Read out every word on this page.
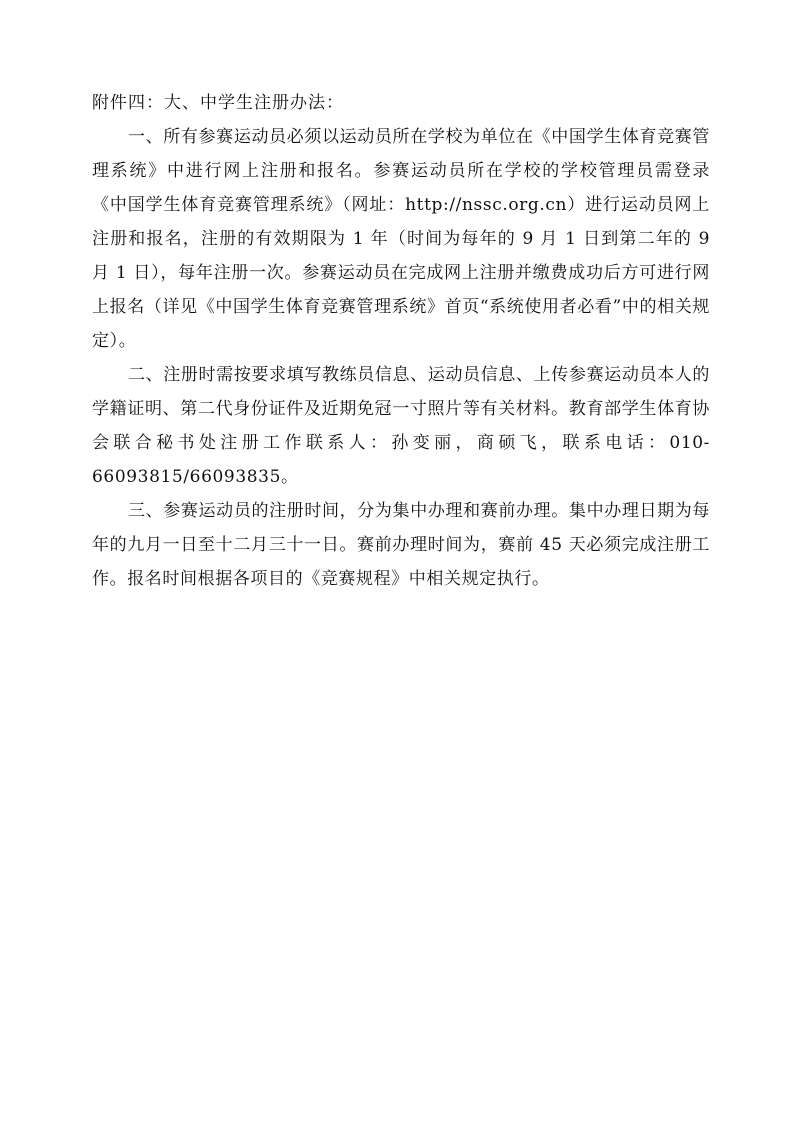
附件四：大、中学生注册办法：

一、所有参赛运动员必须以运动员所在学校为单位在《中国学生体育竞赛管理系统》中进行网上注册和报名。参赛运动员所在学校的学校管理员需登录 《中国学生体育竞赛管理系统》（网址：http://nssc.org.cn）进行运动员网上注册和报名，注册的有效期限为 1 年（时间为每年的 9 月 1 日到第二年的 9 月 1 日），每年注册一次。参赛运动员在完成网上注册并缴费成功后方可进行网上报名（详见《中国学生体育竞赛管理系统》首页“系统使用者必看”中的相关规定）。

二、注册时需按要求填写教练员信息、运动员信息、上传参赛运动员本人的学籍证明、第二代身份证件及近期免冠一寸照片等有关材料。教育部学生体育协会联合秘书处注册工作联系人：孙变丽，商硕飞，联系电话：010-66093815/66093835。

三、参赛运动员的注册时间，分为集中办理和赛前办理。集中办理日期为每年的九月一日至十二月三十一日。赛前办理时间为，赛前 45 天必须完成注册工作。报名时间根据各项目的《竞赛规程》中相关规定执行。
